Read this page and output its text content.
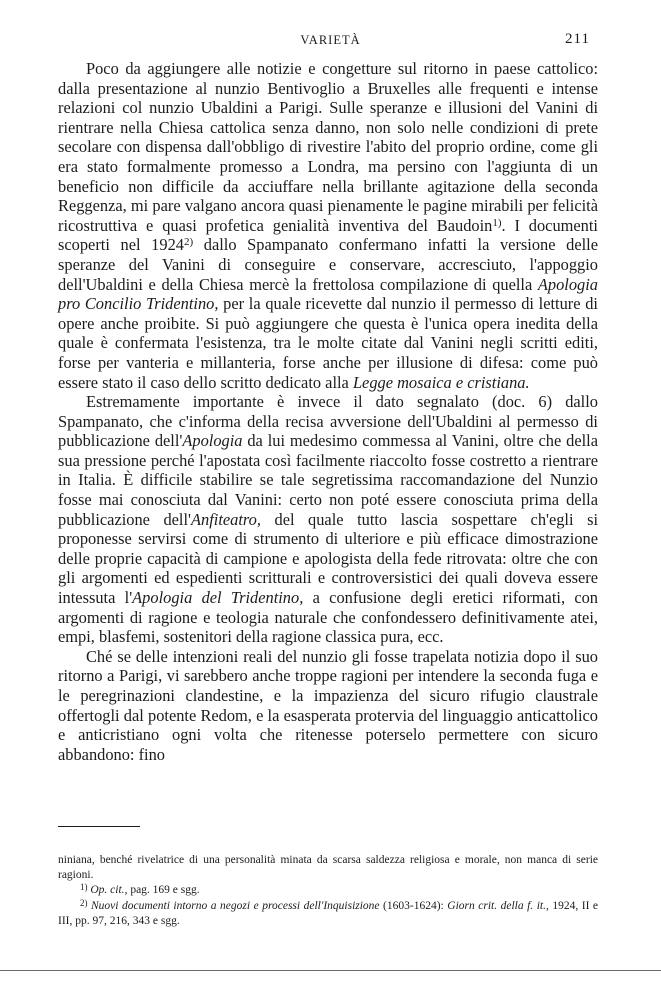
VARIETÀ	211

Poco da aggiungere alle notizie e congetture sul ritorno in paese cattolico: dalla presentazione al nunzio Bentivoglio a Bruxelles alle frequenti e intense relazioni col nunzio Ubaldini a Parigi. Sulle speranze e illusioni del Vanini di rientrare nella Chiesa cattolica senza danno, non solo nelle condizioni di prete secolare con dispensa dall'obbligo di rivestire l'abito del proprio ordine, come gli era stato formalmente promesso a Londra, ma persino con l'aggiunta di un beneficio non difficile da acciuffare nella brillante agitazione della seconda Reggenza, mi pare valgano ancora quasi pienamente le pagine mirabili per felicità ricostruttiva e quasi profetica genialità inventiva del Baudoin$^{1)}$. I documenti scoperti nel 1924$^{2)}$ dallo Spampanato confermano infatti la versione delle speranze del Vanini di conseguire e conservare, accresciuto, l'appoggio dell'Ubaldini e della Chiesa mercè la frettolosa compilazione di quella Apologia pro Concilio Tridentino, per la quale ricevette dal nunzio il permesso di letture di opere anche proibite. Si può aggiungere che questa è l'unica opera inedita della quale è confermata l'esistenza, tra le molte citate dal Vanini negli scritti editi, forse per vanteria e millanteria, forse anche per illusione di difesa: come può essere stato il caso dello scritto dedicato alla Legge mosaica e cristiana.

Estremamente importante è invece il dato segnalato (doc. 6) dallo Spampanato, che c'informa della recisa avversione dell'Ubaldini al permesso di pubblicazione dell'Apologia da lui medesimo commessa al Vanini, oltre che della sua pressione perché l'apostata così facilmente riaccolto fosse costretto a rientrare in Italia. È difficile stabilire se tale segretissima raccomandazione del Nunzio fosse mai conosciuta dal Vanini: certo non poté essere conosciuta prima della pubblicazione dell'Anfiteatro, del quale tutto lascia sospettare ch'egli si proponesse servirsi come di strumento di ulteriore e più efficace dimostrazione delle proprie capacità di campione e apologista della fede ritrovata: oltre che con gli argomenti ed espedienti scritturali e controversistici dei quali doveva essere intessuta l'Apologia del Tridentino, a confusione degli eretici riformati, con argomenti di ragione e teologia naturale che confondessero definitivamente atei, empi, blasfemi, sostenitori della ragione classica pura, ecc.

Ché se delle intenzioni reali del nunzio gli fosse trapelata notizia dopo il suo ritorno a Parigi, vi sarebbero anche troppe ragioni per intendere la seconda fuga e le peregrinazioni clandestine, e la impazienza del sicuro rifugio claustrale offertogli dal potente Redom, e la esasperata protervia del linguaggio anticattolico e anticristiano ogni volta che ritenesse poterselo permettere con sicuro abbandono: fino

niniana, benché rivelatrice di una personalità minata da scarsa saldezza religiosa e morale, non manca di serie ragioni.

$^{1)}$ Op. cit., pag. 169 e sgg.

$^{2)}$ Nuovi documenti intorno a negozi e processi dell'Inquisizione (1603-1624): Giorn crit. della f. it., 1924, II e III, pp. 97, 216, 343 e sgg.
